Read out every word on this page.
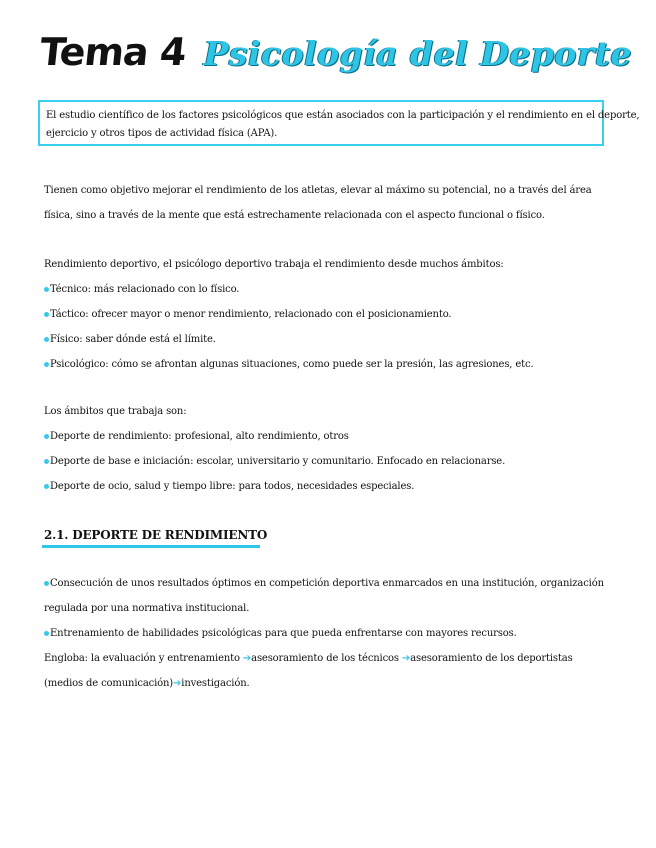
Tema 4 Psicología del Deporte
El estudio científico de los factores psicológicos que están asociados con la participación y el rendimiento en el deporte,
ejercicio y otros tipos de actividad física (APA).
Tienen como objetivo mejorar el rendimiento de los atletas, elevar al máximo su potencial, no a través del área
física, sino a través de la mente que está estrechamente relacionada con el aspecto funcional o físico.
Rendimiento deportivo, el psicólogo deportivo trabaja el rendimiento desde muchos ámbitos:
Técnico: más relacionado con lo físico.
Táctico: ofrecer mayor o menor rendimiento, relacionado con el posicionamiento.
Físico: saber dónde está el límite.
Psicológico: cómo se afrontan algunas situaciones, como puede ser la presión, las agresiones, etc.
Los ámbitos que trabaja son:
Deporte de rendimiento: profesional, alto rendimiento, otros
Deporte de base e iniciación: escolar, universitario y comunitario. Enfocado en relacionarse.
Deporte de ocio, salud y tiempo libre: para todos, necesidades especiales.
2.1. DEPORTE DE RENDIMIENTO
Consecución de unos resultados óptimos en competición deportiva enmarcados en una institución, organización
regulada por una normativa institucional.
Entrenamiento de habilidades psicológicas para que pueda enfrentarse con mayores recursos.
Engloba: la evaluación y entrenamiento ➔asesoramiento de los técnicos ➔asesoramiento de los deportistas
(medios de comunicación)➔investigación.
